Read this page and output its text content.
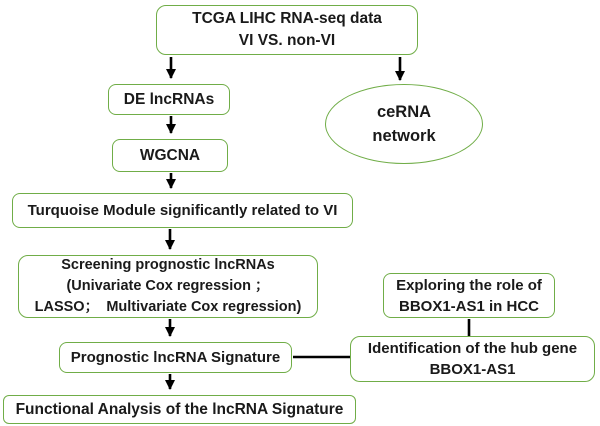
TCGA LIHC RNA-seq data
VI VS. non-VI
DE lncRNAs
WGCNA
Turquoise Module significantly related to VI
Screening prognostic lncRNAs
(Univariate Cox regression ；
LASSO；　Multivariate Cox regression)
Prognostic lncRNA Signature
Functional Analysis of the lncRNA Signature
ceRNA
network
Exploring the role of
BBOX1-AS1 in HCC
Identification of the hub gene
BBOX1-AS1
